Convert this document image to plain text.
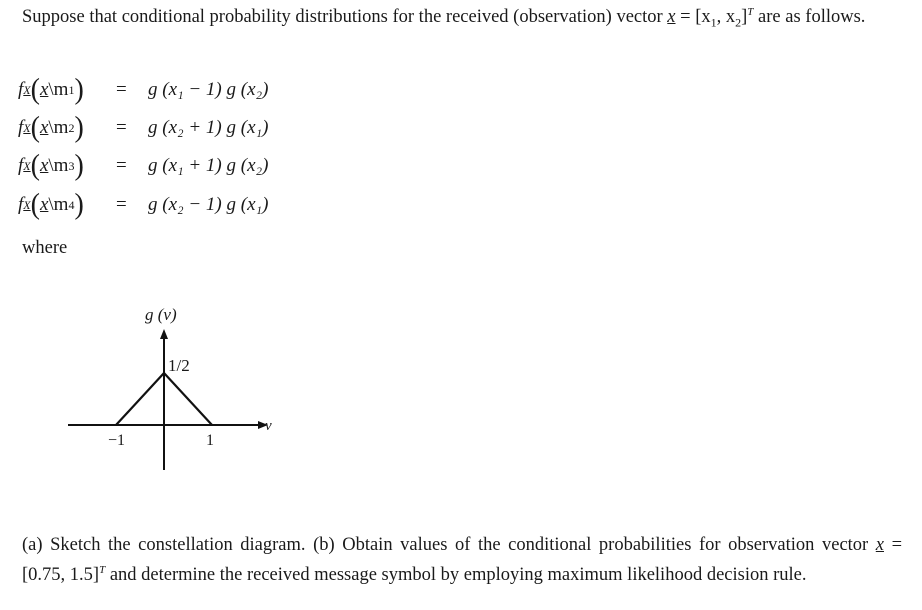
Suppose that conditional probability distributions for the received (observation) vector $x = [x_1$, $x_2]^T$ are as follows.
f X ( x \m 1 )	=	g (x₁ − 1) g (x₂)
f X ( x \m 2 )	=	g (x₂ + 1) g (x₁)
f X ( x \m 3 )	=	g (x₁ + 1) g (x₂)
f X ( x \m 4 )	=	g (x₂ − 1) g (x₁)
where
g (v)
v
1/2
−1	1
(a) Sketch the constellation diagram. (b) Obtain values of the conditional probabilities for observation vector x = [0.75, 1.5]$^T$ and determine the received message symbol by employing maximum likelihood decision rule.
